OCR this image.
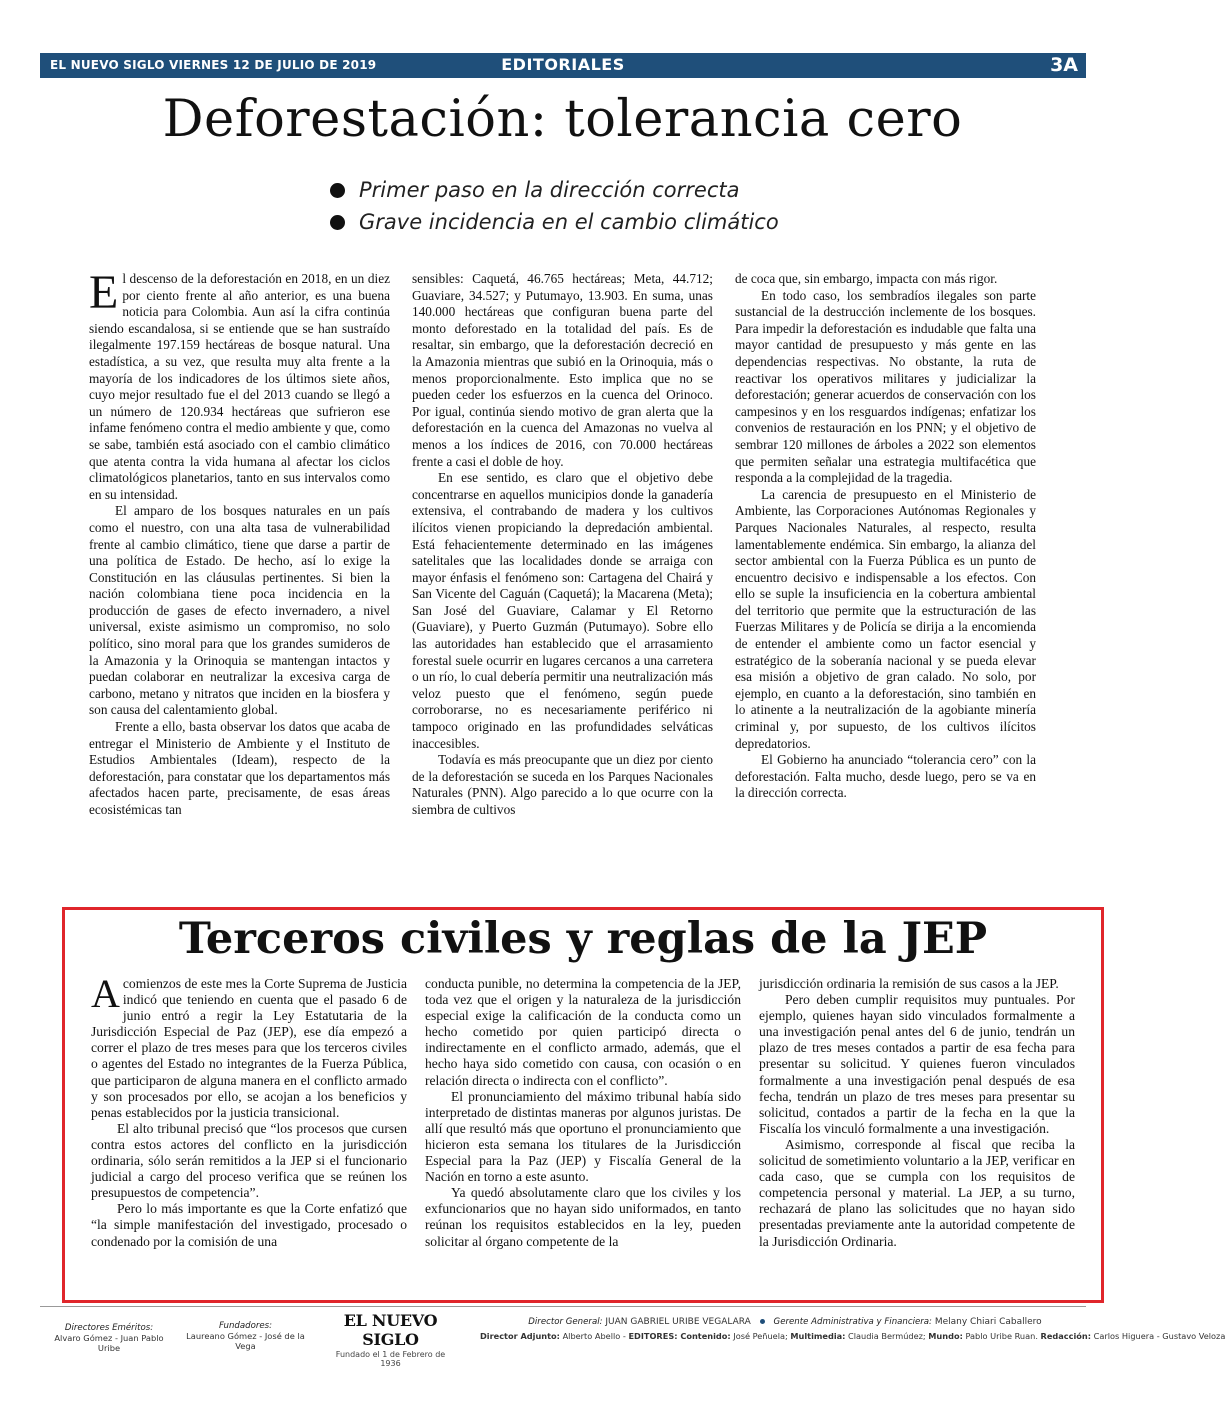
EL NUEVO SIGLO VIERNES 12 DE JULIO DE 2019	EDITORIALES	3A
Deforestación: tolerancia cero
Primer paso en la dirección correcta
Grave incidencia en el cambio climático

El descenso de la deforestación en 2018, en un diez por ciento frente al año anterior, es una buena noticia para Colombia. Aun así la cifra continúa siendo escandalosa, si se entiende que se han sustraído ilegalmente 197.159 hectáreas de bosque natural. Una estadística, a su vez, que resulta muy alta frente a la mayoría de los indicadores de los últimos siete años, cuyo mejor resultado fue el del 2013 cuando se llegó a un número de 120.934 hectáreas que sufrieron ese infame fenómeno contra el medio ambiente y que, como se sabe, también está asociado con el cambio climático que atenta contra la vida humana al afectar los ciclos climatológicos planetarios, tanto en sus intervalos como en su intensidad.

El amparo de los bosques naturales en un país como el nuestro, con una alta tasa de vulnerabilidad frente al cambio climático, tiene que darse a partir de una política de Estado. De hecho, así lo exige la Constitución en las cláusulas pertinentes. Si bien la nación colombiana tiene poca incidencia en la producción de gases de efecto invernadero, a nivel universal, existe asimismo un compromiso, no solo político, sino moral para que los grandes sumideros de la Amazonia y la Orinoquia se mantengan intactos y puedan colaborar en neutralizar la excesiva carga de carbono, metano y nitratos que inciden en la biosfera y son causa del calentamiento global.

Frente a ello, basta observar los datos que acaba de entregar el Ministerio de Ambiente y el Instituto de Estudios Ambientales (Ideam), respecto de la deforestación, para constatar que los departamentos más afectados hacen parte, precisamente, de esas áreas ecosistémicas tan

sensibles: Caquetá, 46.765 hectáreas; Meta, 44.712; Guaviare, 34.527; y Putumayo, 13.903. En suma, unas 140.000 hectáreas que configuran buena parte del monto deforestado en la totalidad del país. Es de resaltar, sin embargo, que la deforestación decreció en la Amazonia mientras que subió en la Orinoquia, más o menos proporcionalmente. Esto implica que no se pueden ceder los esfuerzos en la cuenca del Orinoco. Por igual, continúa siendo motivo de gran alerta que la deforestación en la cuenca del Amazonas no vuelva al menos a los índices de 2016, con 70.000 hectáreas frente a casi el doble de hoy.

En ese sentido, es claro que el objetivo debe concentrarse en aquellos municipios donde la ganadería extensiva, el contrabando de madera y los cultivos ilícitos vienen propiciando la depredación ambiental. Está fehacientemente determinado en las imágenes satelitales que las localidades donde se arraiga con mayor énfasis el fenómeno son: Cartagena del Chairá y San Vicente del Caguán (Caquetá); la Macarena (Meta); San José del Guaviare, Calamar y El Retorno (Guaviare), y Puerto Guzmán (Putumayo). Sobre ello las autoridades han establecido que el arrasamiento forestal suele ocurrir en lugares cercanos a una carretera o un río, lo cual debería permitir una neutralización más veloz puesto que el fenómeno, según puede corroborarse, no es necesariamente periférico ni tampoco originado en las profundidades selváticas inaccesibles.

Todavía es más preocupante que un diez por ciento de la deforestación se suceda en los Parques Nacionales Naturales (PNN). Algo parecido a lo que ocurre con la siembra de cultivos

de coca que, sin embargo, impacta con más rigor.

En todo caso, los sembradíos ilegales son parte sustancial de la destrucción inclemente de los bosques. Para impedir la deforestación es indudable que falta una mayor cantidad de presupuesto y más gente en las dependencias respectivas. No obstante, la ruta de reactivar los operativos militares y judicializar la deforestación; generar acuerdos de conservación con los campesinos y en los resguardos indígenas; enfatizar los convenios de restauración en los PNN; y el objetivo de sembrar 120 millones de árboles a 2022 son elementos que permiten señalar una estrategia multifacética que responda a la complejidad de la tragedia.

La carencia de presupuesto en el Ministerio de Ambiente, las Corporaciones Autónomas Regionales y Parques Nacionales Naturales, al respecto, resulta lamentablemente endémica. Sin embargo, la alianza del sector ambiental con la Fuerza Pública es un punto de encuentro decisivo e indispensable a los efectos. Con ello se suple la insuficiencia en la cobertura ambiental del territorio que permite que la estructuración de las Fuerzas Militares y de Policía se dirija a la encomienda de entender el ambiente como un factor esencial y estratégico de la soberanía nacional y se pueda elevar esa misión a objetivo de gran calado. No solo, por ejemplo, en cuanto a la deforestación, sino también en lo atinente a la neutralización de la agobiante minería criminal y, por supuesto, de los cultivos ilícitos depredatorios.

El Gobierno ha anunciado “tolerancia cero” con la deforestación. Falta mucho, desde luego, pero se va en la dirección correcta.

Terceros civiles y reglas de la JEP

Acomienzos de este mes la Corte Suprema de Justicia indicó que teniendo en cuenta que el pasado 6 de junio entró a regir la Ley Estatutaria de la Jurisdicción Especial de Paz (JEP), ese día empezó a correr el plazo de tres meses para que los terceros civiles o agentes del Estado no integrantes de la Fuerza Pública, que participaron de alguna manera en el conflicto armado y son procesados por ello, se acojan a los beneficios y penas establecidos por la justicia transicional.

El alto tribunal precisó que “los procesos que cursen contra estos actores del conflicto en la jurisdicción ordinaria, sólo serán remitidos a la JEP si el funcionario judicial a cargo del proceso verifica que se reúnen los presupuestos de competencia”.

Pero lo más importante es que la Corte enfatizó que “la simple manifestación del investigado, procesado o condenado por la comisión de una

conducta punible, no determina la competencia de la JEP, toda vez que el origen y la naturaleza de la jurisdicción especial exige la calificación de la conducta como un hecho cometido por quien participó directa o indirectamente en el conflicto armado, además, que el hecho haya sido cometido con causa, con ocasión o en relación directa o indirecta con el conflicto”.

El pronunciamiento del máximo tribunal había sido interpretado de distintas maneras por algunos juristas. De allí que resultó más que oportuno el pronunciamiento que hicieron esta semana los titulares de la Jurisdicción Especial para la Paz (JEP) y Fiscalía General de la Nación en torno a este asunto.

Ya quedó absolutamente claro que los civiles y los exfuncionarios que no hayan sido uniformados, en tanto reúnan los requisitos establecidos en la ley, pueden solicitar al órgano competente de la

jurisdicción ordinaria la remisión de sus casos a la JEP.

Pero deben cumplir requisitos muy puntuales. Por ejemplo, quienes hayan sido vinculados formalmente a una investigación penal antes del 6 de junio, tendrán un plazo de tres meses contados a partir de esa fecha para presentar su solicitud. Y quienes fueron vinculados formalmente a una investigación penal después de esa fecha, tendrán un plazo de tres meses para presentar su solicitud, contados a partir de la fecha en la que la Fiscalía los vinculó formalmente a una investigación.

Asimismo, corresponde al fiscal que reciba la solicitud de sometimiento voluntario a la JEP, verificar en cada caso, que se cumpla con los requisitos de competencia personal y material. La JEP, a su turno, rechazará de plano las solicitudes que no hayan sido presentadas previamente ante la autoridad competente de la Jurisdicción Ordinaria.

Directores Eméritos:
Alvaro Gómez - Juan Pablo Uribe
Fundadores:
Laureano Gómez - José de la Vega
EL NUEVO SIGLO
Fundado el 1 de Febrero de 1936
Director General: JUAN GABRIEL URIBE VEGALARA	Gerente Administrativa y Financiera: Melany Chiari Caballero
Director Adjunto: Alberto Abello - EDITORES: Contenido: José Peñuela; Multimedia: Claudia Bermúdez; Mundo: Pablo Uribe Ruan. Redacción: Carlos Higuera - Gustavo Veloza
